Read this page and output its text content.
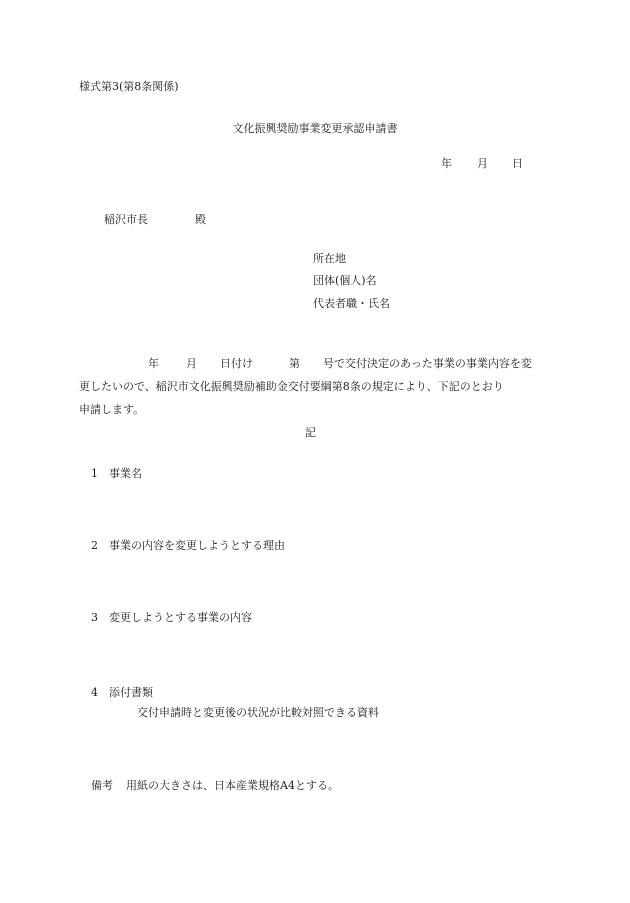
様式第3(第8条関係)
文化振興奨励事業変更承認申請書
年 月 日
稲沢市長	殿
所在地
団体(個人)名
代表者職・氏名
年 月 日付け	第 号で交付決定のあった事業の事業内容を変
更したいので、稲沢市文化振興奨励補助金交付要綱第8条の規定により、下記のとおり
申請します。
記
1 事業名
2 事業の内容を変更しようとする理由
3 変更しようとする事業の内容
4 添付書類
交付申請時と変更後の状況が比較対照できる資料
備考 用紙の大きさは、日本産業規格A4とする。
